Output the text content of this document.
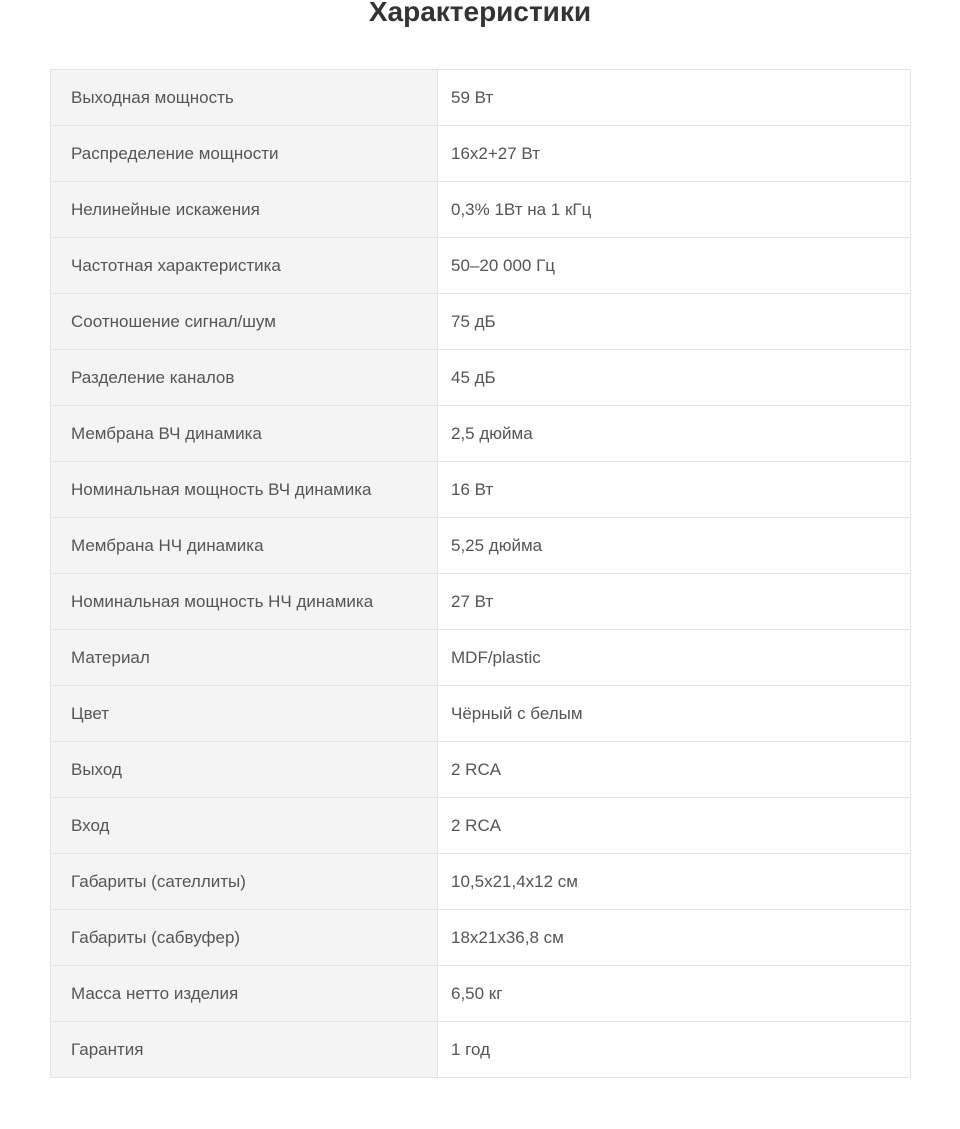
Характеристики
Выходная мощность	59 Вт
Распределение мощности	16x2+27 Вт
Нелинейные искажения	0,3% 1Вт на 1 кГц
Частотная характеристика	50–20 000 Гц
Соотношение сигнал/шум	75 дБ
Разделение каналов	45 дБ
Мембрана ВЧ динамика	2,5 дюйма
Номинальная мощность ВЧ динамика	16 Вт
Мембрана НЧ динамика	5,25 дюйма
Номинальная мощность НЧ динамика	27 Вт
Материал	MDF/plastic
Цвет	Чёрный с белым
Выход	2 RCA
Вход	2 RCA
Габариты (сателлиты)	10,5x21,4x12 см
Габариты (сабвуфер)	18x21x36,8 см
Масса нетто изделия	6,50 кг
Гарантия	1 год
